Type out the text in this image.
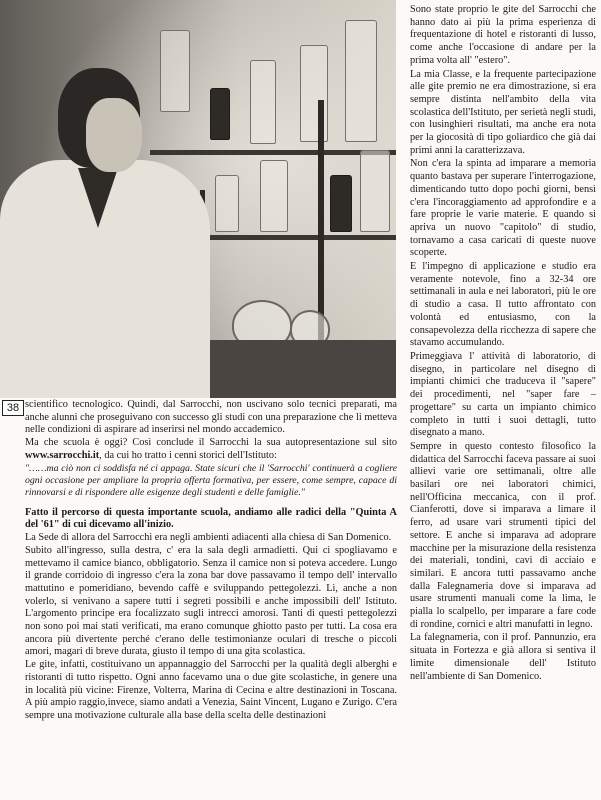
38 scientifico tecnologico. Quindi, dal Sarrocchi, non uscivano solo tecnici preparati, ma anche alunni che proseguivano con successo gli studi con una preparazione che li metteva nelle condizioni di aspirare ad inserirsi nel mondo accademico.

Ma che scuola è oggi? Così conclude il Sarrocchi la sua autopresentazione sul sito www.sarrocchi.it, da cui ho tratto i cenni storici dell'Istituto:

"……ma ciò non ci soddisfa né ci appaga. State sicuri che il 'Sarrocchi' continuerà a cogliere ogni occasione per ampliare la propria offerta formativa, per essere, come sempre, capace di rinnovarsi e di rispondere alle esigenze degli studenti e delle famiglie."

Fatto il percorso di questa importante scuola, andiamo alle radici della "Quinta A del '61" di cui dicevamo all'inizio.

La Sede di allora del Sarrocchi era negli ambienti adiacenti alla chiesa di San Domenico.

Subito all'ingresso, sulla destra, c' era la sala degli armadietti. Qui ci spogliavamo e mettevamo il camice bianco, obbligatorio. Senza il camice non si poteva accedere. Lungo il grande corridoio di ingresso c'era la zona bar dove passavamo il tempo dell' intervallo mattutino e pomeridiano, bevendo caffè e sviluppando pettegolezzi. Lì, anche a non volerlo, si venivano a sapere tutti i segreti possibili e anche impossibili dell' Istituto. L'argomento principe era focalizzato sugli intrecci amorosi. Tanti di questi pettegolezzi non sono poi mai stati verificati, ma erano comunque ghiotto pasto per tutti. La cosa era ancora più divertente perché c'erano delle testimonianze oculari di tresche o piccoli amori, magari di breve durata, giusto il tempo di una gita scolastica.

Le gite, infatti, costituivano un appannaggio del Sarrocchi per la qualità degli alberghi e ristoranti di tutto rispetto. Ogni anno facevamo una o due gite scolastiche, in genere una in località più vicine: Firenze, Volterra, Marina di Cecina e altre destinazioni in Toscana. A più ampio raggio,invece, siamo andati a Venezia, Saint Vincent, Lugano e Zurigo. C'era sempre una motivazione culturale alla base della scelta delle destinazioni

Sono state proprio le gite del Sarrocchi che hanno dato ai più la prima esperienza di frequentazione di hotel e ristoranti di lusso, come anche l'occasione di andare per la prima volta all' "estero".

La mia Classe, e la frequente partecipazione alle gite premio ne era dimostrazione, si era sempre distinta nell'ambito della vita scolastica dell'Istituto, per serietà negli studi, con lusinghieri risultati, ma anche era nota per la giocosità di tipo goliardico che già dai primi anni la caratterizzava.

Non c'era la spinta ad imparare a memoria quanto bastava per superare l'interrogazione, dimenticando tutto dopo pochi giorni, bensì c'era l'incoraggiamento ad approfondire e a fare proprie le varie materie. E quando si apriva un nuovo "capitolo" di studio, tornavamo a casa caricati di queste nuove scoperte.

E l'impegno di applicazione e studio era veramente notevole, fino a 32-34 ore settimanali in aula e nei laboratori, più le ore di studio a casa. Il tutto affrontato con volontà ed entusiasmo, con la consapevolezza della ricchezza di sapere che stavamo accumulando.

Primeggiava l' attività di laboratorio, di disegno, in particolare nel disegno di impianti chimici che traduceva il "sapere" dei procedimenti, nel "saper fare – progettare" su carta un impianto chimico completo in tutti i suoi dettagli, tutto disegnato a mano.

Sempre in questo contesto filosofico la didattica del Sarrocchi faceva passare ai suoi allievi varie ore settimanali, oltre alle basilari ore nei laboratori chimici, nell'Officina meccanica, con il prof. Cianferotti, dove si imparava a limare il ferro, ad usare vari strumenti tipici del settore. E anche si imparava ad adoprare macchine per la misurazione della resistenza dei materiali, tondini, cavi di acciaio e similari. E ancora tutti passavamo anche dalla Falegnameria dove si imparava ad usare strumenti manuali come la lima, le pialla lo scalpello, per imparare a fare code di rondine, cornici e altri manufatti in legno.

La falegnameria, con il prof. Pannunzio, era situata in Fortezza e già allora si sentiva il limite dimensionale dell' Istituto nell'ambiente di San Domenico.
